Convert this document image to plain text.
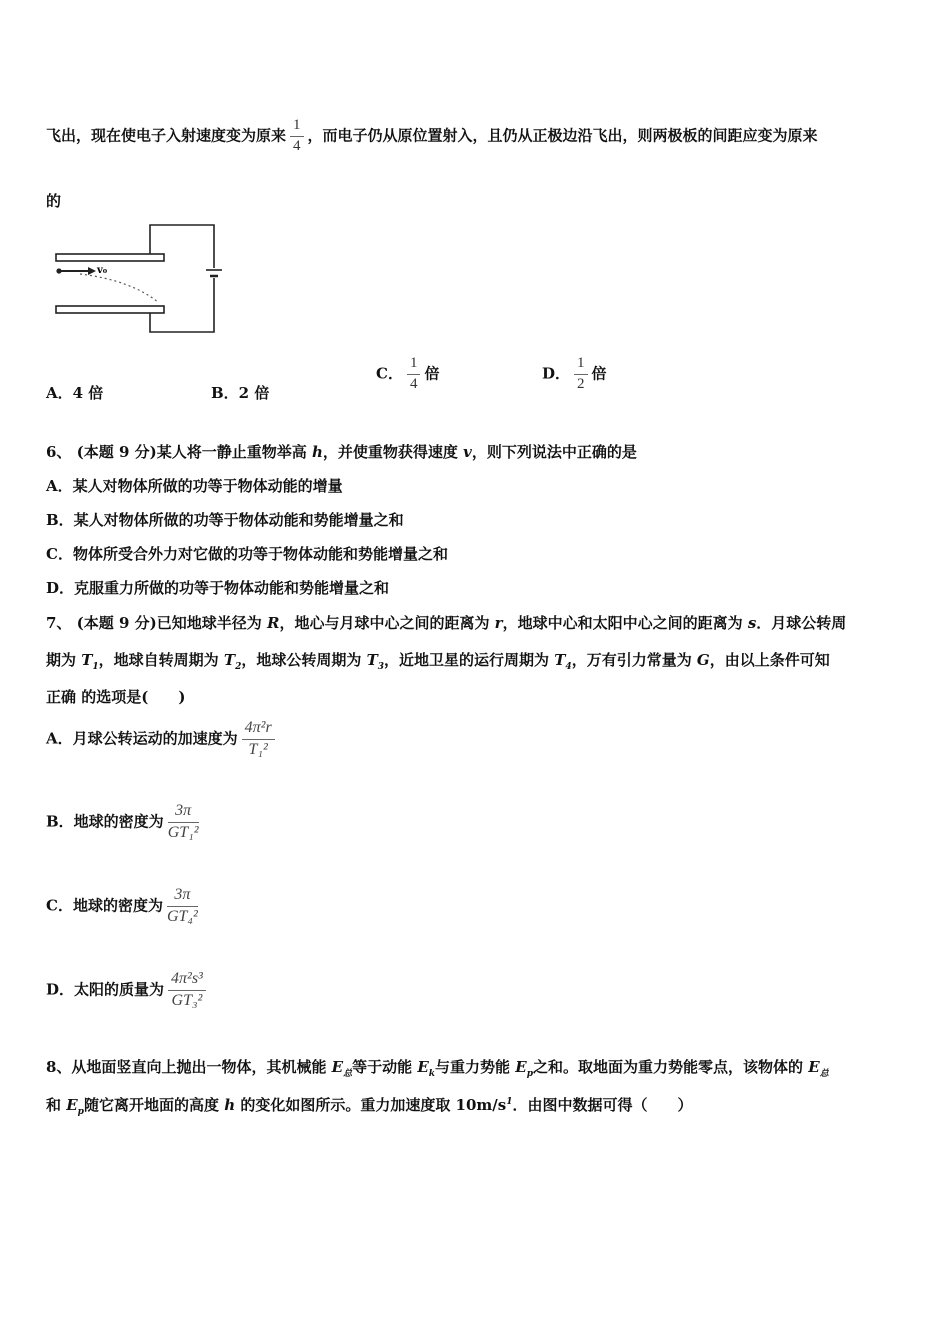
飞出，现在使电子入射速度变为原来 $\frac{1}{4}$ ，而电子仍从原位置射入，且仍从正极边沿飞出，则两极板的间距应变为原来
的
v₀
A．4 倍	B．2 倍
C． $\frac{1}{4}$ 倍	D． $\frac{1}{2}$ 倍
6、 (本题 9 分)某人将一静止重物举高 h，并使重物获得速度 v，则下列说法中正确的是
A．某人对物体所做的功等于物体动能的增量
B．某人对物体所做的功等于物体动能和势能增量之和
C．物体所受合外力对它做的功等于物体动能和势能增量之和
D．克服重力所做的功等于物体动能和势能增量之和
7、 (本题 9 分)已知地球半径为 R，地心与月球中心之间的距离为 r，地球中心和太阳中心之间的距离为 s．月球公转周
期为 $T_1$，地球自转周期为 $T_2$，地球公转周期为 $T_3$，近地卫星的运行周期为 $T_4$，万有引力常量为 G，由以上条件可知
正确 的选项是(　　)
A．月球公转运动的加速度为 $\frac{\text{4π²r}}{\text{T₁²}}$
B．地球的密度为 $\frac{3\pi}{\text{GT₁²}}$
C．地球的密度为 $\frac{3\pi}{\text{GT₄²}}$
D．太阳的质量为 $\frac{\text{4π²s³}}{\text{GT₃²}}$
8、从地面竖直向上抛出一物体，其机械能 $E_总$等于动能 $E_k$与重力势能 $E_p$之和。取地面为重力势能零点，该物体的 $E_总$
和 $E_p$随它离开地面的高度 h 的变化如图所示。重力加速度取 $10m/s^1$．由图中数据可得（　　）
